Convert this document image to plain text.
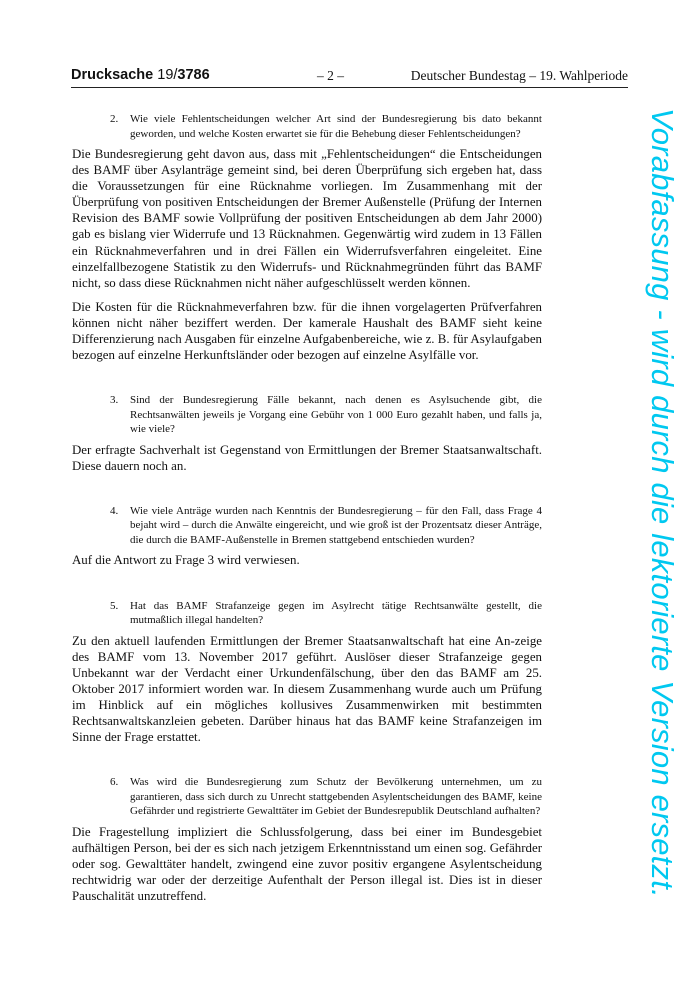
Drucksache 19/3786	– 2 –	Deutscher Bundestag – 19. Wahlperiode
2. Wie viele Fehlentscheidungen welcher Art sind der Bundesregierung bis dato bekannt geworden, und welche Kosten erwartet sie für die Behebung dieser Fehlentscheidungen?

Die Bundesregierung geht davon aus, dass mit „Fehlentscheidungen“ die Entscheidungen des BAMF über Asylanträge gemeint sind, bei deren Überprüfung sich ergeben hat, dass die Voraussetzungen für eine Rücknahme vorliegen. Im Zusammenhang mit der Überprüfung von positiven Entscheidungen der Bremer Außenstelle (Prüfung der Internen Revision des BAMF sowie Vollprüfung der positiven Entscheidungen ab dem Jahr 2000) gab es bislang vier Widerrufe und 13 Rücknahmen. Gegenwärtig wird zudem in 13 Fällen ein Rücknahmeverfahren und in drei Fällen ein Widerrufsverfahren eingeleitet. Eine einzelfallbezogene Statistik zu den Widerrufs- und Rücknahmegründen führt das BAMF nicht, so dass diese Rücknahmen nicht näher aufgeschlüsselt werden können.

Die Kosten für die Rücknahmeverfahren bzw. für die ihnen vorgelagerten Prüfverfahren können nicht näher beziffert werden. Der kamerale Haushalt des BAMF sieht keine Differenzierung nach Ausgaben für einzelne Aufgabenbereiche, wie z. B. für Asylaufgaben bezogen auf einzelne Herkunftsländer oder bezogen auf einzelne Asylfälle vor.

3. Sind der Bundesregierung Fälle bekannt, nach denen es Asylsuchende gibt, die Rechtsanwälten jeweils je Vorgang eine Gebühr von 1 000 Euro gezahlt haben, und falls ja, wie viele?

Der erfragte Sachverhalt ist Gegenstand von Ermittlungen der Bremer Staatsanwaltschaft. Diese dauern noch an.

4. Wie viele Anträge wurden nach Kenntnis der Bundesregierung – für den Fall, dass Frage 4 bejaht wird – durch die Anwälte eingereicht, und wie groß ist der Prozentsatz dieser Anträge, die durch die BAMF-Außenstelle in Bremen stattgebend entschieden wurden?

Auf die Antwort zu Frage 3 wird verwiesen.

5. Hat das BAMF Strafanzeige gegen im Asylrecht tätige Rechtsanwälte gestellt, die mutmaßlich illegal handelten?

Zu den aktuell laufenden Ermittlungen der Bremer Staatsanwaltschaft hat eine An-zeige des BAMF vom 13. November 2017 geführt. Auslöser dieser Strafanzeige gegen Unbekannt war der Verdacht einer Urkundenfälschung, über den das BAMF am 25. Oktober 2017 informiert worden war. In diesem Zusammenhang wurde auch um Prüfung im Hinblick auf ein mögliches kollusives Zusammenwirken mit bestimmten Rechtsanwaltskanzleien gebeten. Darüber hinaus hat das BAMF keine Strafanzeigen im Sinne der Frage erstattet.

6. Was wird die Bundesregierung zum Schutz der Bevölkerung unternehmen, um zu garantieren, dass sich durch zu Unrecht stattgebenden Asylentscheidungen des BAMF, keine Gefährder und registrierte Gewalttäter im Gebiet der Bundesrepublik Deutschland aufhalten?

Die Fragestellung impliziert die Schlussfolgerung, dass bei einer im Bundesgebiet aufhältigen Person, bei der es sich nach jetzigem Erkenntnisstand um einen sog. Gefährder oder sog. Gewalttäter handelt, zwingend eine zuvor positiv ergangene Asylentscheidung rechtwidrig war oder der derzeitige Aufenthalt der Person illegal ist. Dies ist in dieser Pauschalität unzutreffend.	Vorabfassung - wird durch die lektorierte Version ersetzt.
